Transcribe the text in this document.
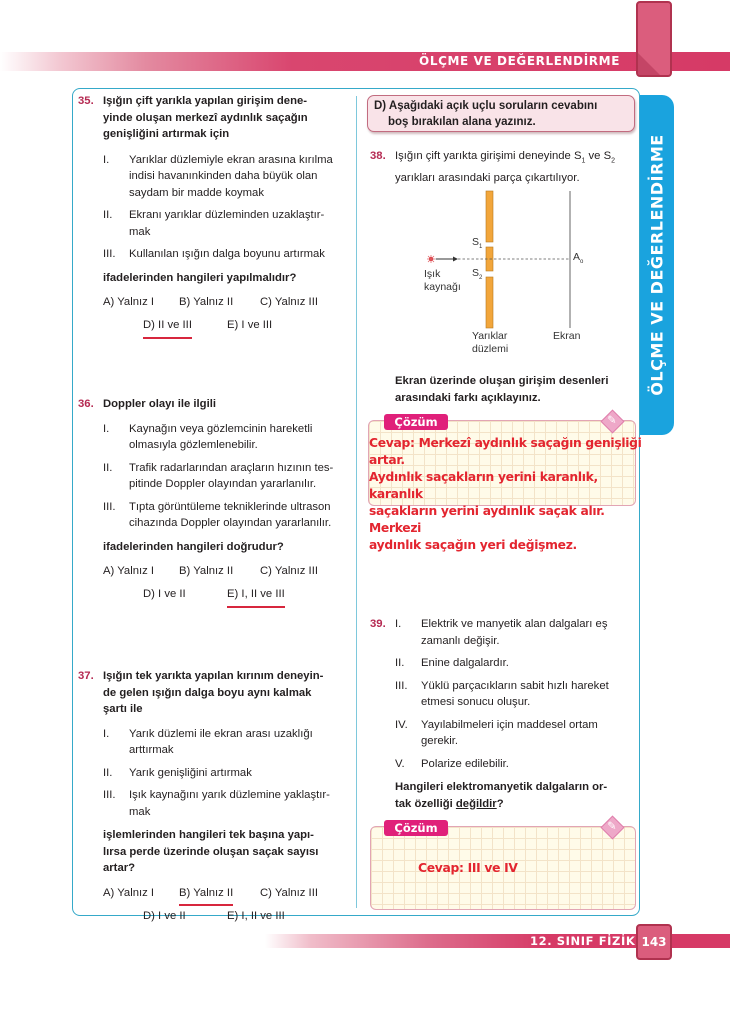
ÖLÇME VE DEĞERLENDİRME
ÖLÇME VE DEĞERLENDİRME
35. Işığın çift yarıkla yapılan girişim dene-
yinde oluşan merkezî aydınlık saçağın
genişliğini artırmak için
I. Yarıklar düzlemiyle ekran arasına kırılma
indisi havanınkinden daha büyük olan
saydam bir madde koymak
II. Ekranı yarıklar düzleminden uzaklaştır-
mak
III. Kullanılan ışığın dalga boyunu artırmak
ifadelerinden hangileri yapılmalıdır?
A) Yalnız I B) Yalnız II C) Yalnız III
D) II ve III	E) I ve III
36. Doppler olayı ile ilgili
I. Kaynağın veya gözlemcinin hareketli
olmasıyla gözlemlenebilir.
II. Trafik radarlarından araçların hızının tes-
pitinde Doppler olayından yararlanılır.
III. Tıpta görüntüleme tekniklerinde ultrason
cihazında Doppler olayından yararlanılır.
ifadelerinden hangileri doğrudur?
A) Yalnız I B) Yalnız II C) Yalnız III
D) I ve II	E) I, II ve III
37. Işığın tek yarıkta yapılan kırınım deneyin-
de gelen ışığın dalga boyu aynı kalmak
şartı ile
I. Yarık düzlemi ile ekran arası uzaklığı
arttırmak
II. Yarık genişliğini artırmak
III. Işık kaynağını yarık düzlemine yaklaştır-
mak
işlemlerinden hangileri tek başına yapı-
lırsa perde üzerinde oluşan saçak sayısı
artar?
A) Yalnız I B) Yalnız II C) Yalnız III
D) I ve II	E) I, II ve III
D) Aşağıdaki açık uçlu soruların cevabını
boş bırakılan alana yazınız.
38. Işığın çift yarıkta girişimi deneyinde $S_1$ ve $S_2$
yarıkları arasındaki parça çıkartılıyor.
$S_1$
$S_2$
$A_o$
Işık
kaynağı
Yarıklar
düzlemi
Ekran
Ekran üzerinde oluşan girişim desenleri
arasındaki farkı açıklayınız.
Çözüm
✎
Cevap: Merkezî aydınlık saçağın genişliği artar.
Aydınlık saçakların yerini karanlık, karanlık
saçakların yerini aydınlık saçak alır. Merkezi
aydınlık saçağın yeri değişmez.
39. I. Elektrik ve manyetik alan dalgaları eş
zamanlı değişir.
II. Enine dalgalardır.
III. Yüklü parçacıkların sabit hızlı hareket
etmesi sonucu oluşur.
IV. Yayılabilmeleri için maddesel ortam
gerekir.
V. Polarize edilebilir.
Hangileri elektromanyetik dalgaların or-
tak özelliği değildir?
Çözüm
✎
Cevap: III ve IV
12. SINIF FİZİK 143
